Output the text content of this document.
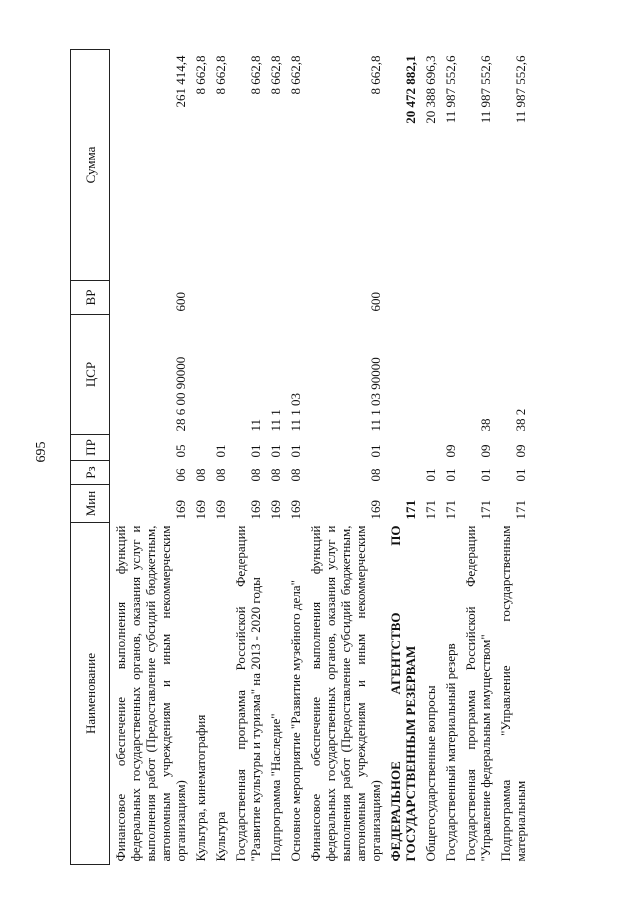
695
Наименование	Мин	Рз	ПР	ЦСР	ВР	Сумма
Финансовое обеспечение выполнения функций федеральных государственных органов, оказания услуг и выполнения работ (Предоставление субсидий бюджетным, автономным учреждениям и иным некоммерческим организациям)	169	06	05	28 6 00 90000	600	261 414,4
Культура, кинематография	169	08				8 662,8
Культура	169	08	01			8 662,8
Государственная программа Российской Федерации "Развитие культуры и туризма" на 2013 - 2020 годы	169	08	01	11		8 662,8
Подпрограмма "Наследие"	169	08	01	11 1		8 662,8
Основное мероприятие "Развитие музейного дела"	169	08	01	11 1 03		8 662,8
Финансовое обеспечение выполнения функций федеральных государственных органов, оказания услуг и выполнения работ (Предоставление субсидий бюджетным, автономным учреждениям и иным некоммерческим организациям)	169	08	01	11 1 03 90000	600	8 662,8
ФЕДЕРАЛЬНОЕ АГЕНТСТВО ПО ГОСУДАРСТВЕННЫМ РЕЗЕРВАМ	171					20 472 882,1
Общегосударственные вопросы	171	01				20 388 696,3
Государственный материальный резерв	171	01	09			11 987 552,6
Государственная программа Российской Федерации "Управление федеральным имуществом"	171	01	09	38		11 987 552,6
Подпрограмма "Управление государственным материальным	171	01	09	38 2		11 987 552,6
